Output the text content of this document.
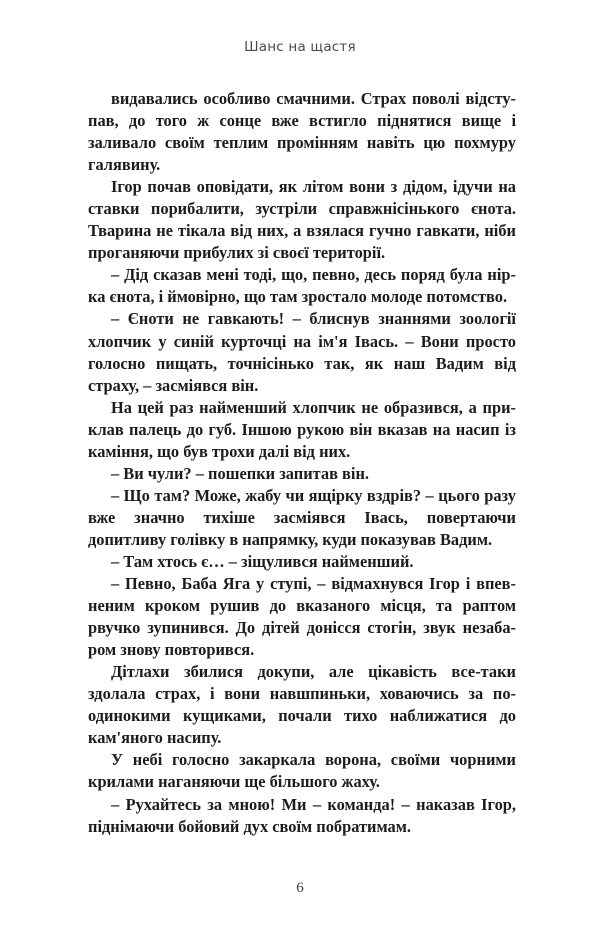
Шанс на щастя

видавались особливо смачними. Страх поволі відступав, до того ж сонце вже встигло піднятися вище і заливало своїм теплим промінням навіть цю похмуру галявину.

Ігор почав оповідати, як літом вони з дідом, ідучи на ставки порибалити, зустріли справжнісінького єнота. Тварина не тікала від них, а взялася гучно гавкати, ніби проганяючи прибулих зі своєї території.

– Дід сказав мені тоді, що, певно, десь поряд була нірка єнота, і ймовірно, що там зростало молоде потомство.

– Єноти не гавкають! – блиснув знаннями зоології хлопчик у синій курточці на ім'я Івась. – Вони просто голосно пищать, точнісінько так, як наш Вадим від страху, – засміявся він.

На цей раз найменший хлопчик не образився, а приклав палець до губ. Іншою рукою він вказав на насип із каміння, що був трохи далі від них.

– Ви чули? – пошепки запитав він.

– Що там? Може, жабу чи ящірку вздрів? – цього разу вже значно тихіше засміявся Івась, повертаючи допитливу голівку в напрямку, куди показував Вадим.

– Там хтось є… – зіщулився найменший.

– Певно, Баба Яга у ступі, – відмахнувся Ігор і впевненим кроком рушив до вказаного місця, та раптом рвучко зупинився. До дітей донісся стогін, звук незабаром знову повторився.

Дітлахи збилися докупи, але цікавість все-таки здолала страх, і вони навшпиньки, ховаючись за поодинокими кущиками, почали тихо наближатися до кам'яного насипу.

У небі голосно закаркала ворона, своїми чорними крилами наганяючи ще більшого жаху.

– Рухайтесь за мною! Ми – команда! – наказав Ігор, піднімаючи бойовий дух своїм побратимам.

6
